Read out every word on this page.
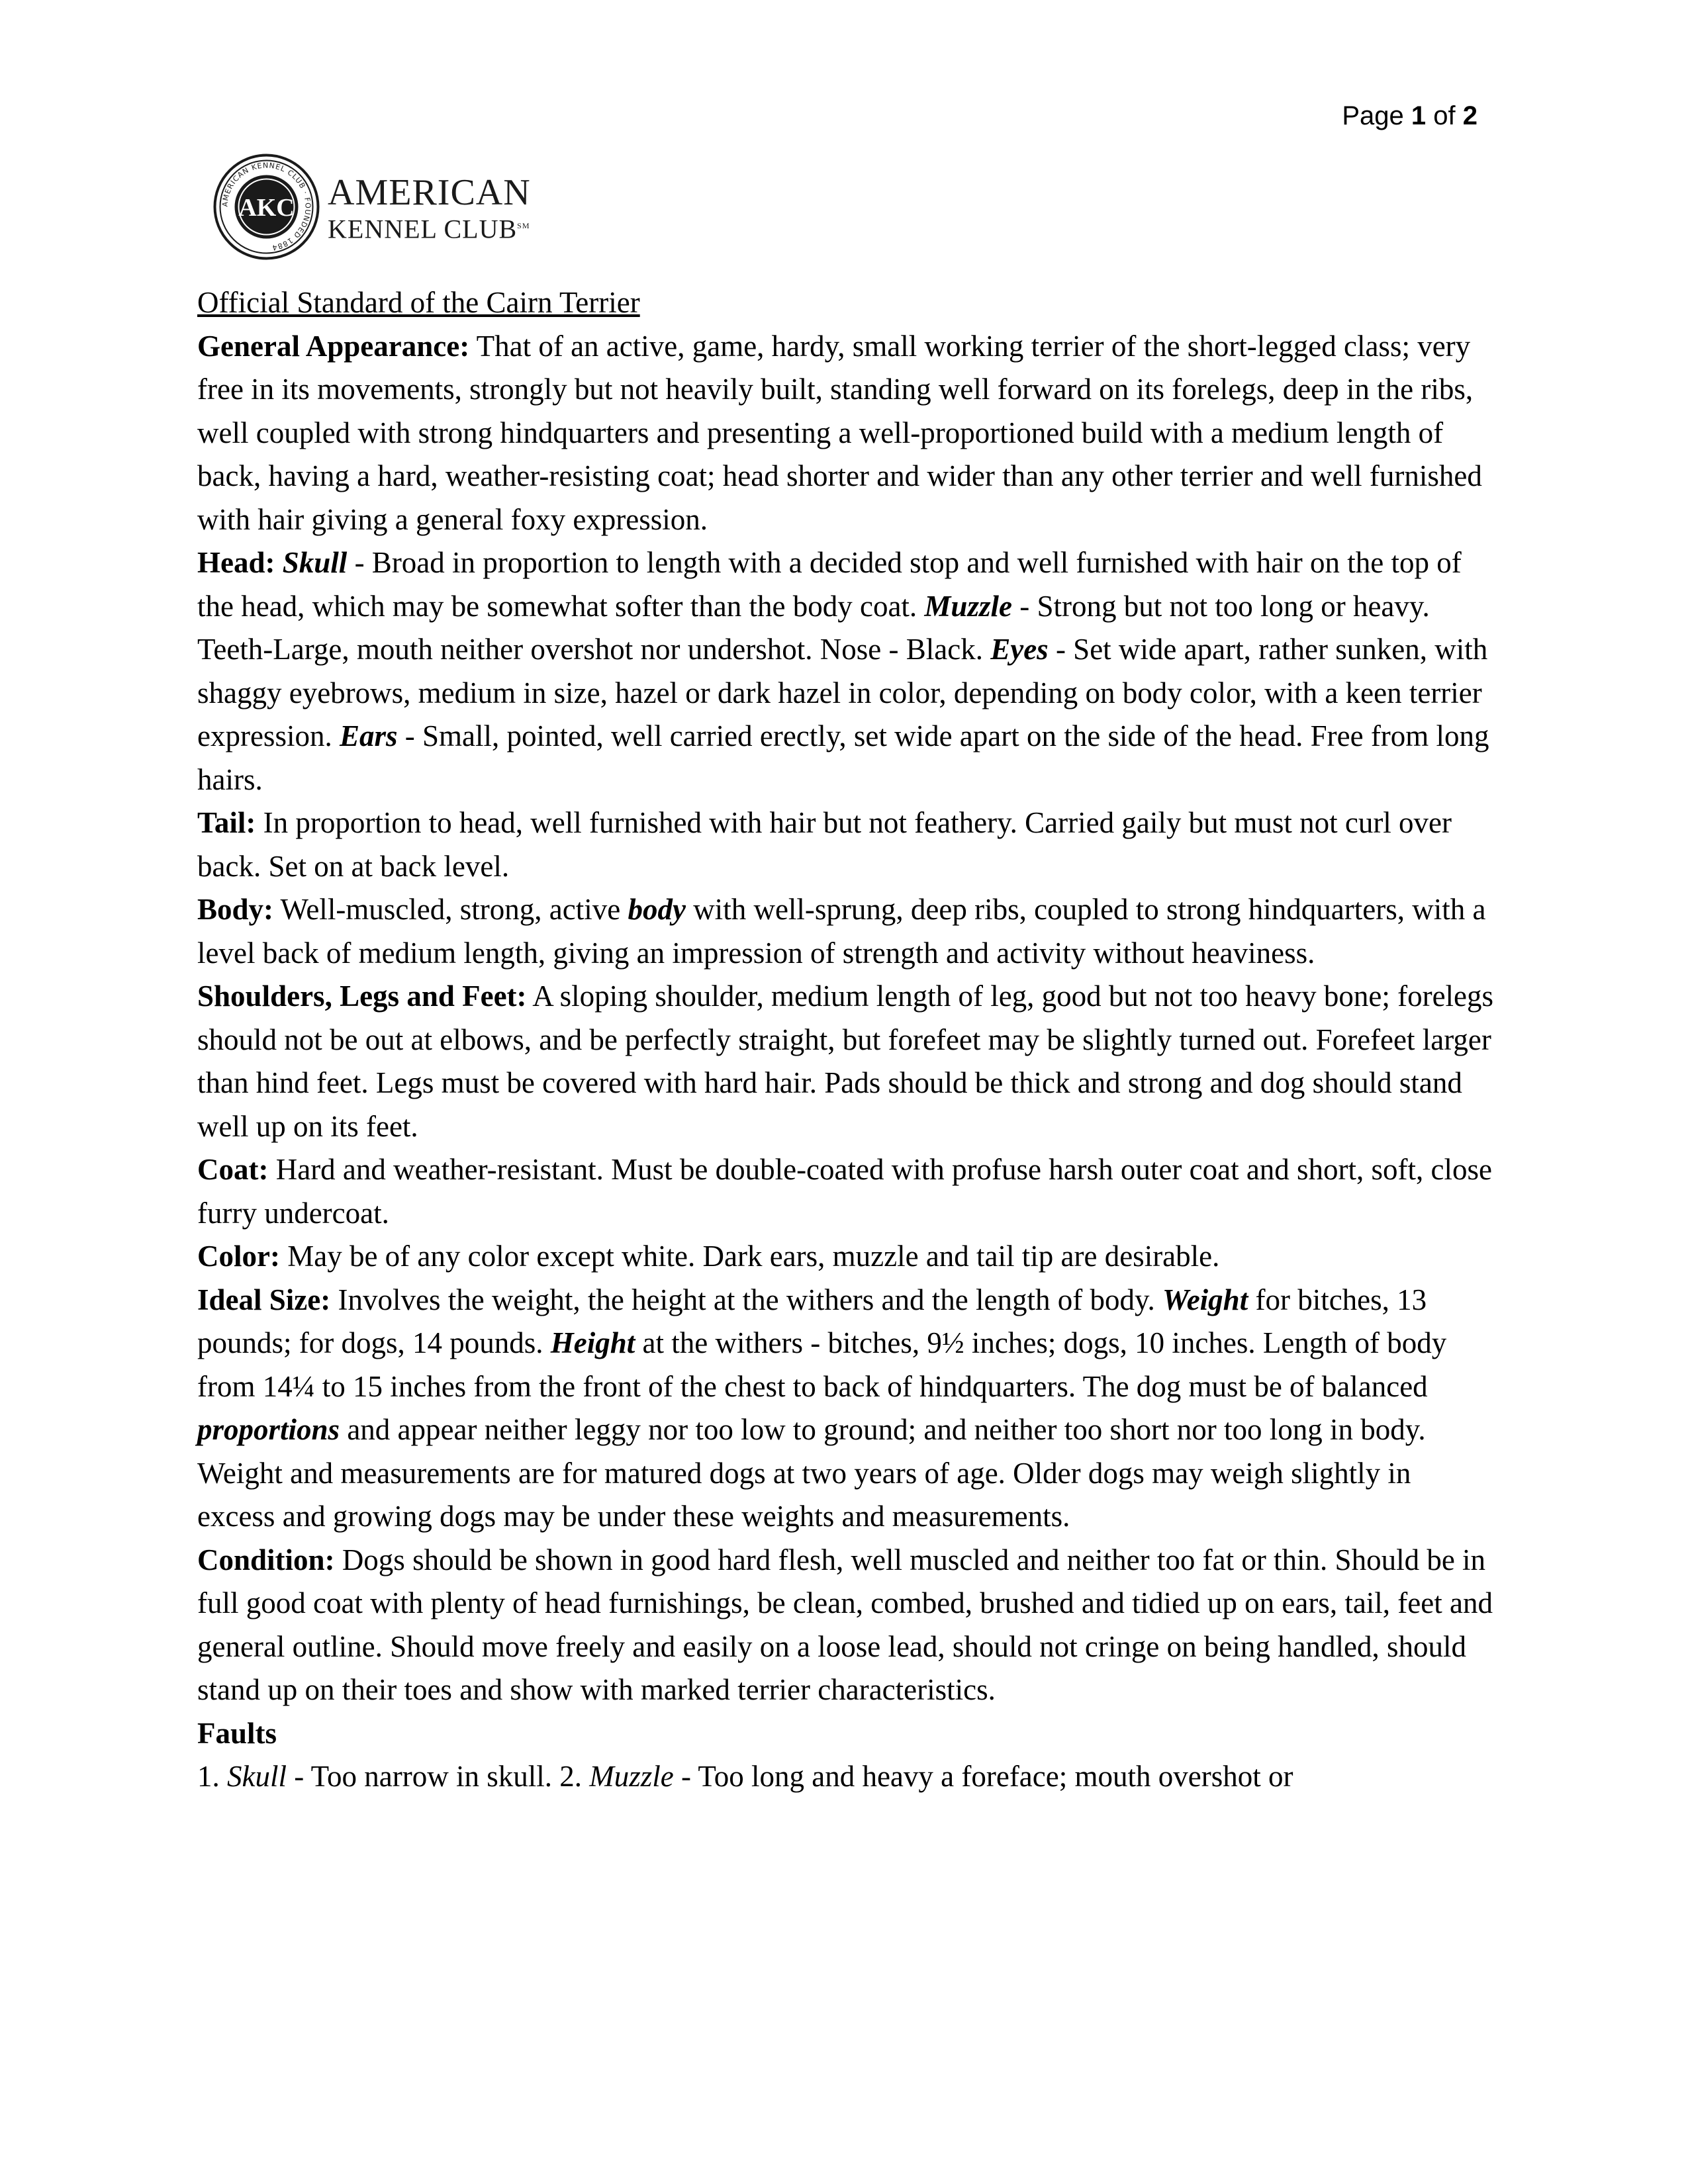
Page 1 of 2
AMERICAN KENNEL CLUB · FOUNDED 1884
AKC AMERICAN
KENNEL CLUB℠

Official Standard of the Cairn Terrier

General Appearance: That of an active, game, hardy, small working terrier of the short-legged class; very free in its movements, strongly but not heavily built, standing well forward on its forelegs, deep in the ribs, well coupled with strong hindquarters and presenting a well-proportioned build with a medium length of back, having a hard, weather-resisting coat; head shorter and wider than any other terrier and well furnished with hair giving a general foxy expression.

Head: Skull - Broad in proportion to length with a decided stop and well furnished with hair on the top of the head, which may be somewhat softer than the body coat. Muzzle - Strong but not too long or heavy. Teeth-Large, mouth neither overshot nor undershot. Nose - Black. Eyes - Set wide apart, rather sunken, with shaggy eyebrows, medium in size, hazel or dark hazel in color, depending on body color, with a keen terrier expression. Ears - Small, pointed, well carried erectly, set wide apart on the side of the head. Free from long hairs.

Tail: In proportion to head, well furnished with hair but not feathery. Carried gaily but must not curl over back. Set on at back level.

Body: Well-muscled, strong, active body with well-sprung, deep ribs, coupled to strong hindquarters, with a level back of medium length, giving an impression of strength and activity without heaviness.

Shoulders, Legs and Feet: A sloping shoulder, medium length of leg, good but not too heavy bone; forelegs should not be out at elbows, and be perfectly straight, but forefeet may be slightly turned out. Forefeet larger than hind feet. Legs must be covered with hard hair. Pads should be thick and strong and dog should stand well up on its feet.

Coat: Hard and weather-resistant. Must be double-coated with profuse harsh outer coat and short, soft, close furry undercoat.

Color: May be of any color except white. Dark ears, muzzle and tail tip are desirable.

Ideal Size: Involves the weight, the height at the withers and the length of body. Weight for bitches, 13 pounds; for dogs, 14 pounds. Height at the withers - bitches, 9½ inches; dogs, 10 inches. Length of body from 14¼ to 15 inches from the front of the chest to back of hindquarters. The dog must be of balanced proportions and appear neither leggy nor too low to ground; and neither too short nor too long in body. Weight and measurements are for matured dogs at two years of age. Older dogs may weigh slightly in excess and growing dogs may be under these weights and measurements.

Condition: Dogs should be shown in good hard flesh, well muscled and neither too fat or thin. Should be in full good coat with plenty of head furnishings, be clean, combed, brushed and tidied up on ears, tail, feet and general outline. Should move freely and easily on a loose lead, should not cringe on being handled, should stand up on their toes and show with marked terrier characteristics.

Faults

1. Skull - Too narrow in skull. 2. Muzzle - Too long and heavy a foreface; mouth overshot or
